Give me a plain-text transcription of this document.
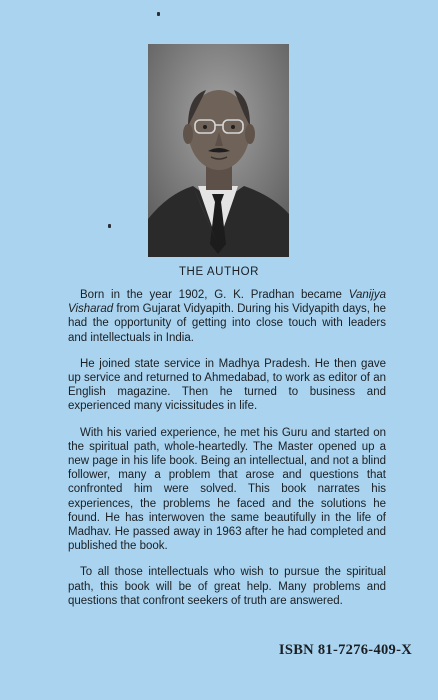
THE AUTHOR

Born in the year 1902, G. K. Pradhan became Vanijya Visharad from Gujarat Vidyapith. During his Vidyapith days, he had the opportunity of getting into close touch with leaders and intellectuals in India.

He joined state service in Madhya Pradesh. He then gave up service and returned to Ahmedabad, to work as editor of an English magazine. Then he turned to business and experienced many vicissitudes in life.

With his varied experience, he met his Guru and started on the spiritual path, whole-heartedly. The Master opened up a new page in his life book. Being an intellectual, and not a blind follower, many a problem that arose and questions that confronted him were solved. This book narrates his experiences, the problems he faced and the solutions he found. He has interwoven the same beautifully in the life of Madhav. He passed away in 1963 after he had completed and published the book.

To all those intellectuals who wish to pursue the spiritual path, this book will be of great help. Many problems and questions that confront seekers of truth are answered.

ISBN 81-7276-409-X
